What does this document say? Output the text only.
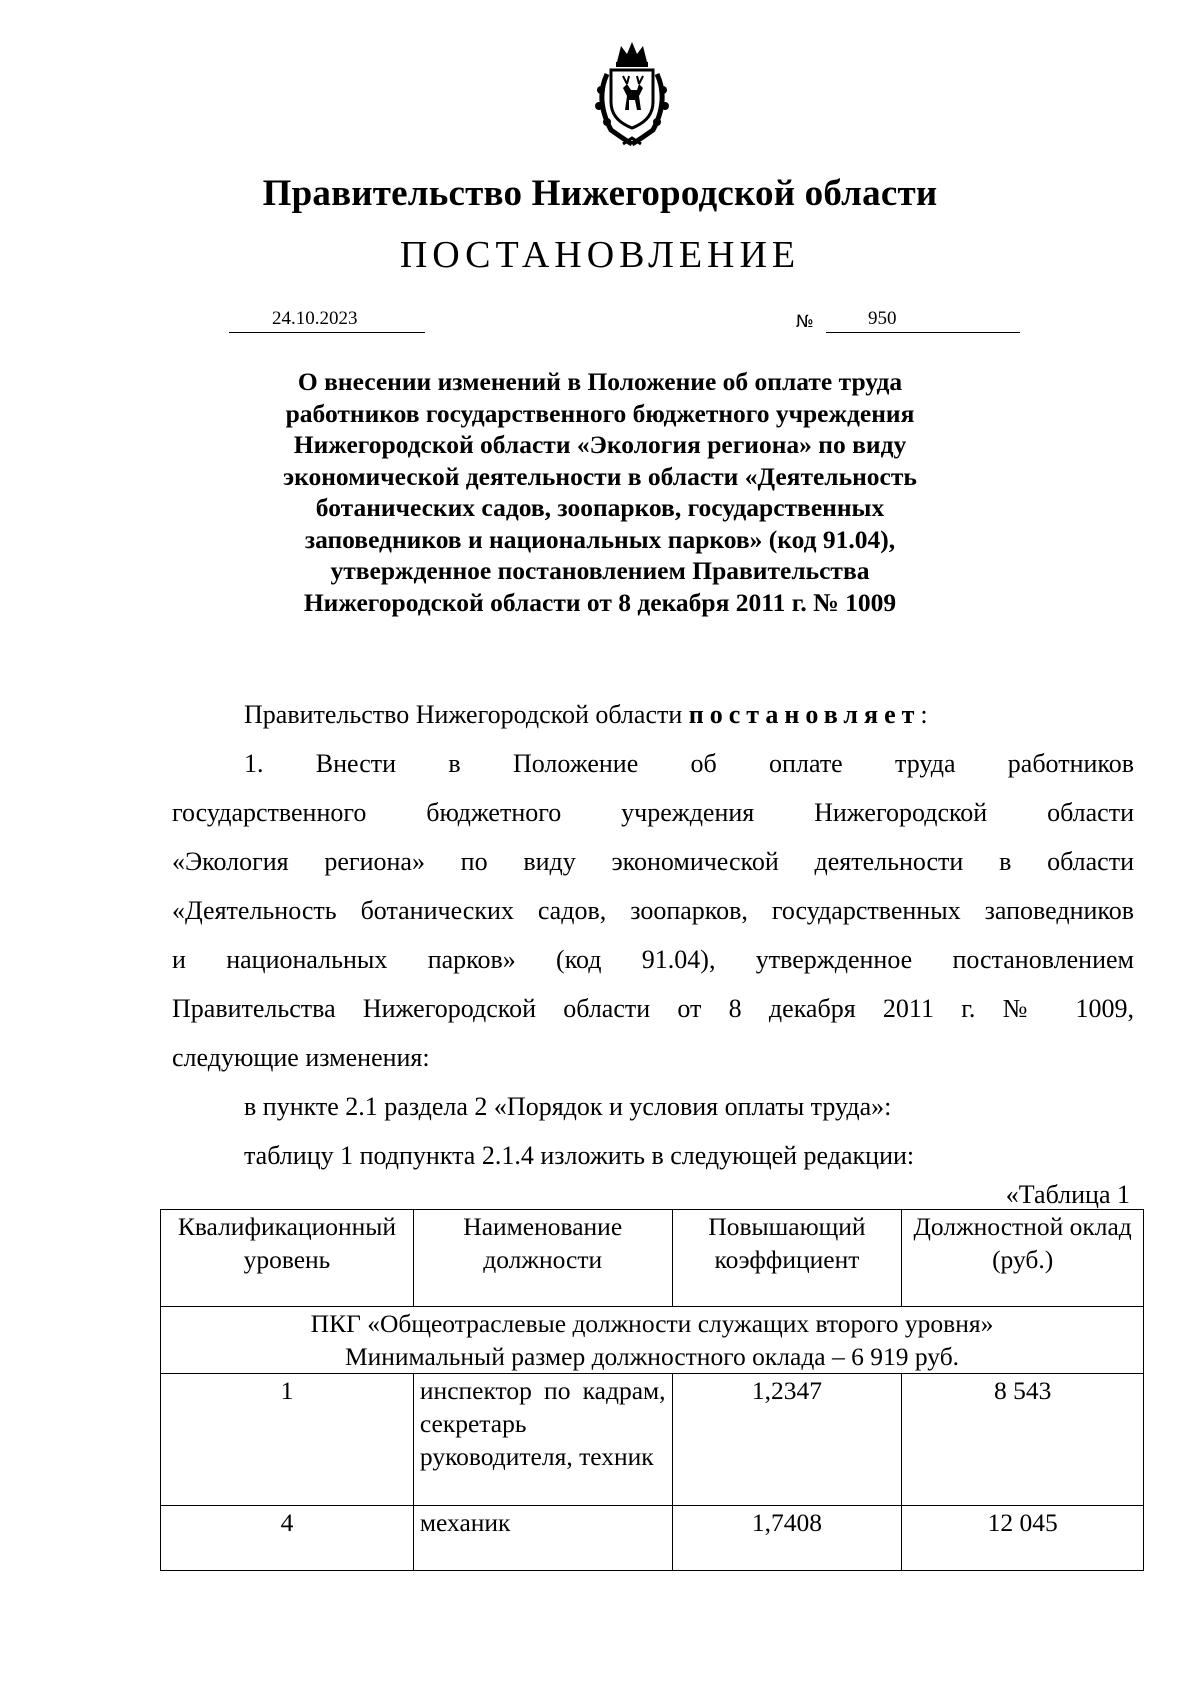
Правительство Нижегородской области
ПОСТАНОВЛЕНИЕ
24.10.2023	№	950
О внесении изменений в Положение об оплате труда
работников государственного бюджетного учреждения
Нижегородской области «Экология региона» по виду
экономической деятельности в области «Деятельность
ботанических садов, зоопарков, государственных
заповедников и национальных парков» (код 91.04),
утвержденное постановлением Правительства
Нижегородской области от 8 декабря 2011 г. № 1009

Правительство Нижегородской области постановляет:

1. Внести в Положение об оплате труда работников

государственного бюджетного учреждения Нижегородской области

«Экология региона» по виду экономической деятельности в области

«Деятельность ботанических садов, зоопарков, государственных заповедников

и национальных парков» (код 91.04), утвержденное постановлением

Правительства Нижегородской области от 8 декабря 2011 г. № 1009,

следующие изменения:

в пункте 2.1 раздела 2 «Порядок и условия оплаты труда»:

таблицу 1 подпункта 2.1.4 изложить в следующей редакции:

«Таблица 1
Квалификационный уровень	Наименование должности	Повышающий коэффициент	Должностной оклад (руб.)

ПКГ «Общеотраслевые должности служащих второго уровня»
Минимальный размер должностного оклада – 6 919 руб.			

1	инспектор по кадрам, секретарь руководителя, техник	1,2347	8 543
4	механик	1,7408	12 045
